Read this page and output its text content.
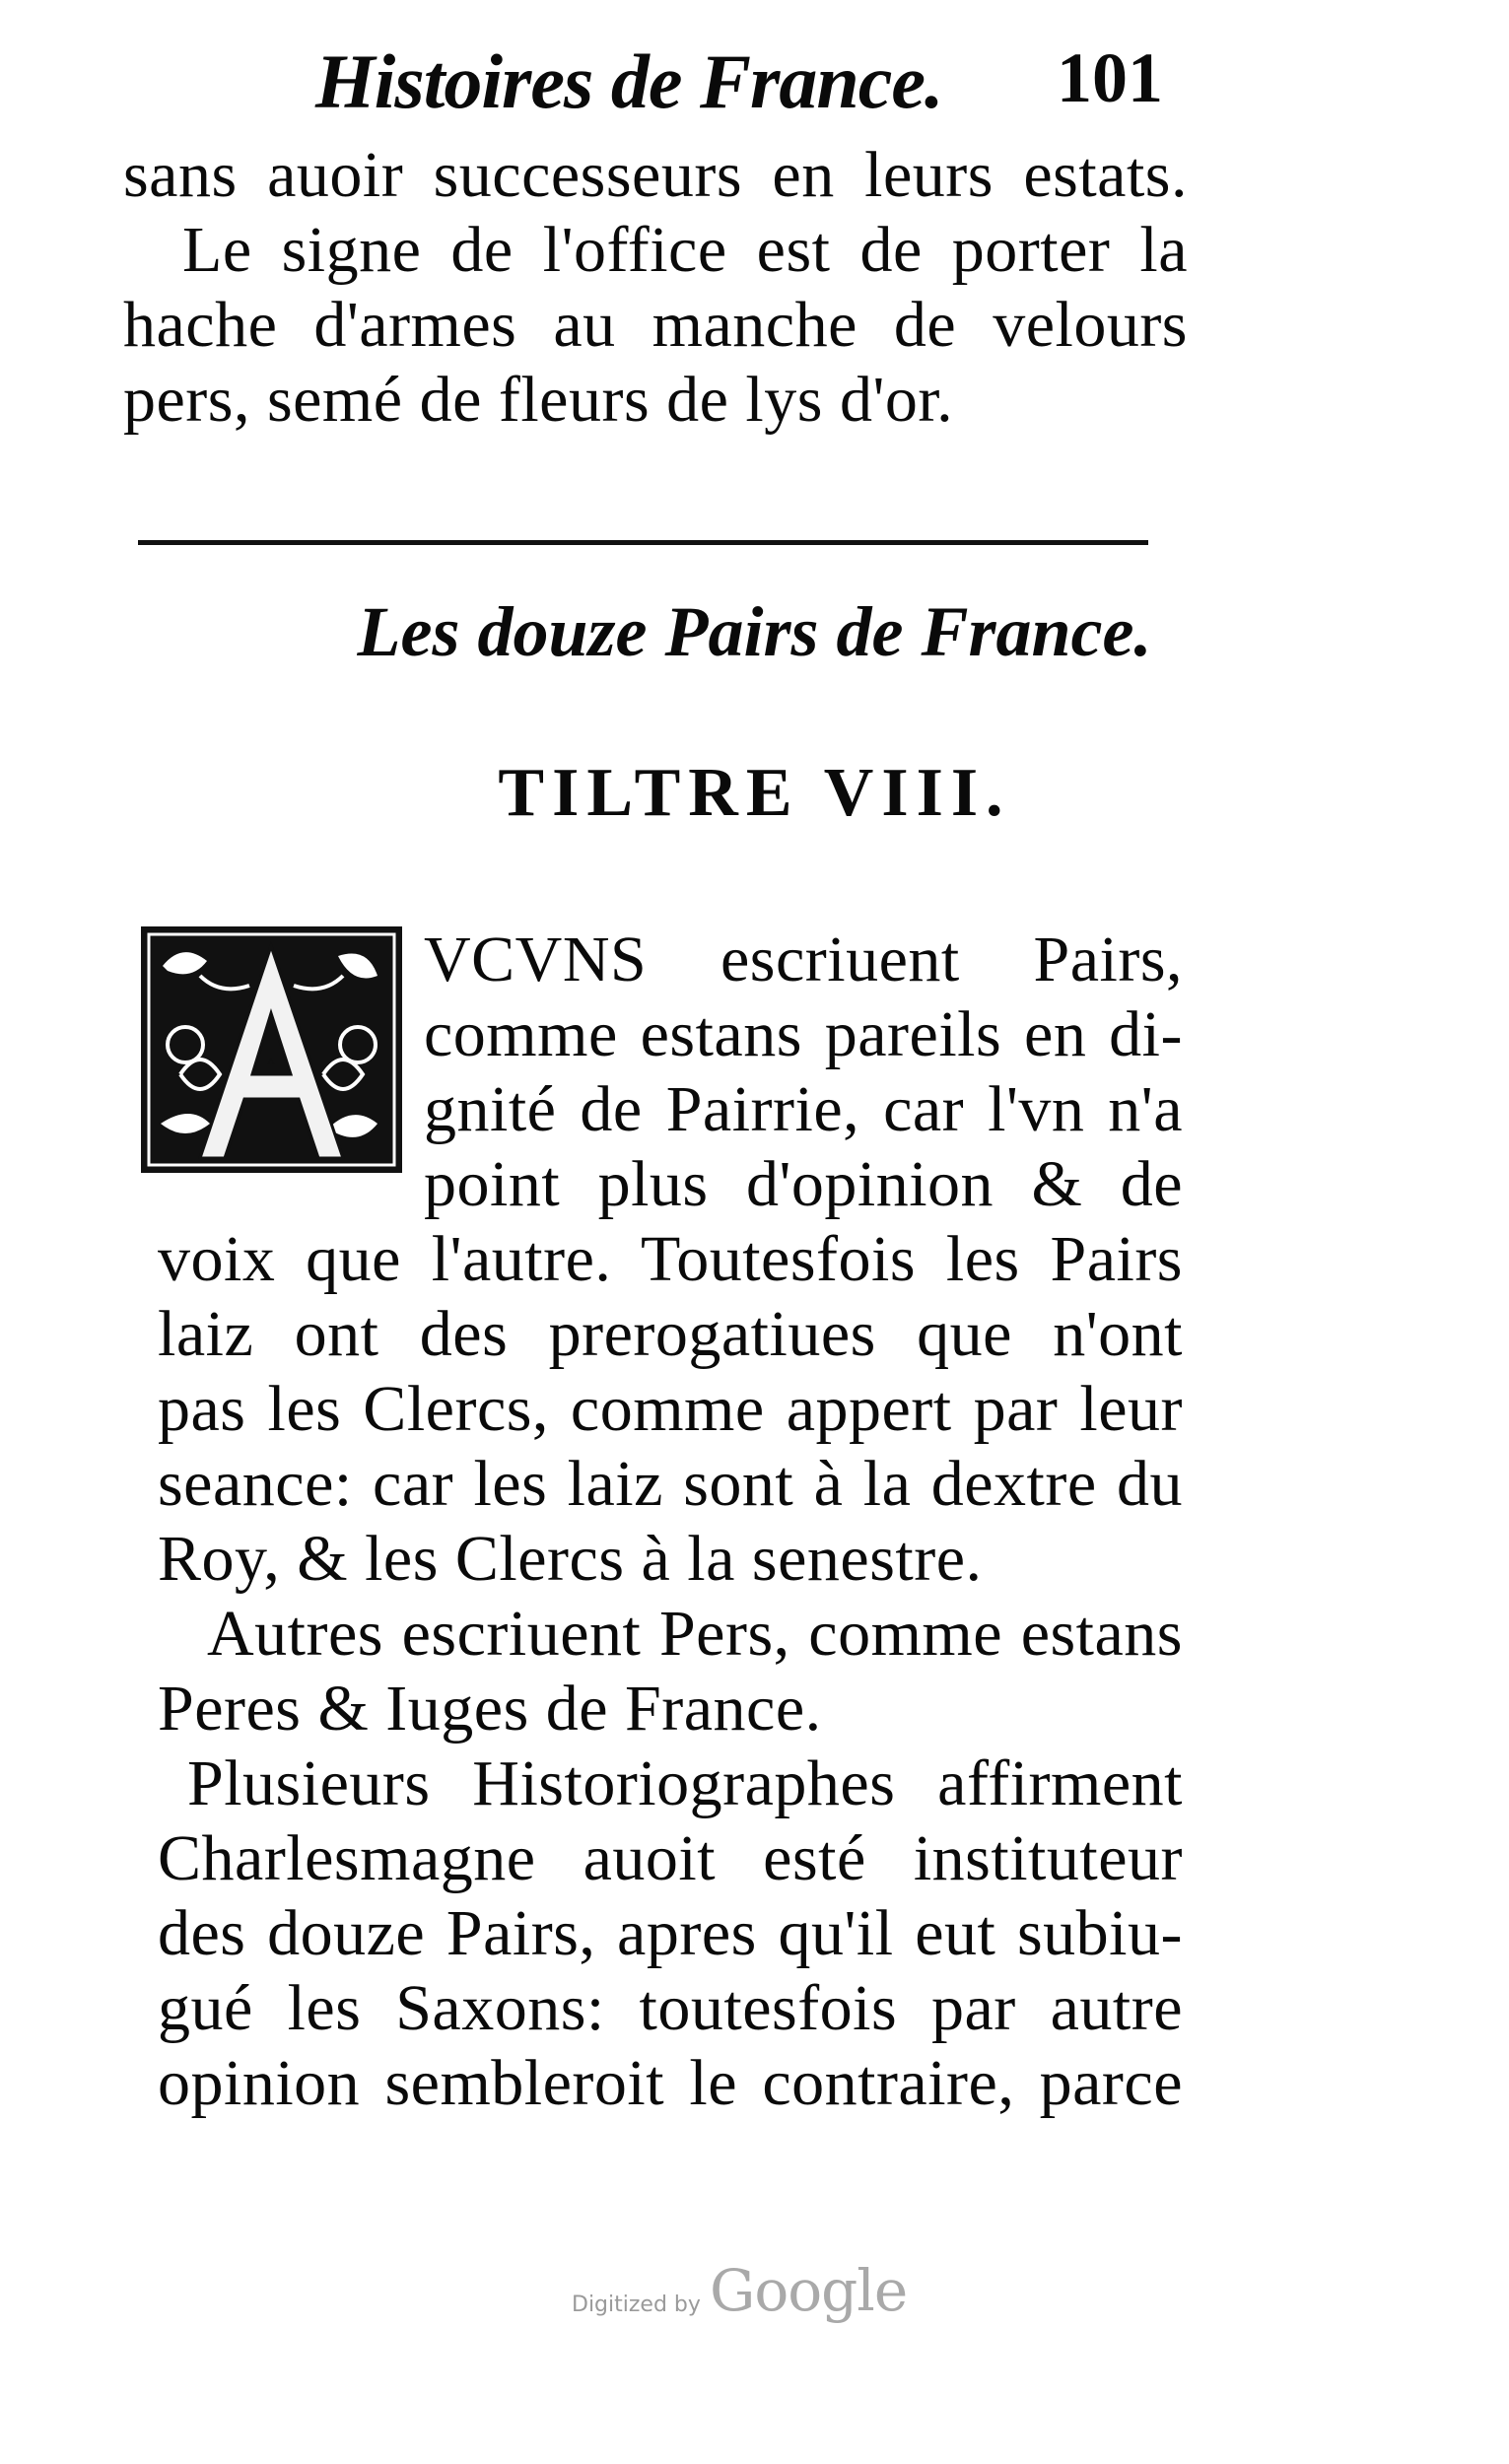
Histoires de France. 101
sans auoir successeurs en leurs estats.
Le signe de l'office est de porter la
hache d'armes au manche de velours
pers, semé de fleurs de lys d'or.
Les douze Pairs de France.
TILTRE VIII.
A
VCVNS escriuent Pairs,
comme estans pareils en di-
gnité de Pairrie, car l'vn n'a
point plus d'opinion & de
voix que l'autre. Toutesfois les Pairs
laiz ont des prerogatiues que n'ont
pas les Clercs, comme appert par leur
seance: car les laiz sont à la dextre du
Roy, & les Clercs à la senestre.
Autres escriuent Pers, comme estans
Peres & Iuges de France.
Plusieurs Historiographes affirment
Charlesmagne auoit esté instituteur
des douze Pairs, apres qu'il eut subiu-
gué les Saxons: toutesfois par autre
opinion sembleroit le contraire, parce
Digitized by Google
